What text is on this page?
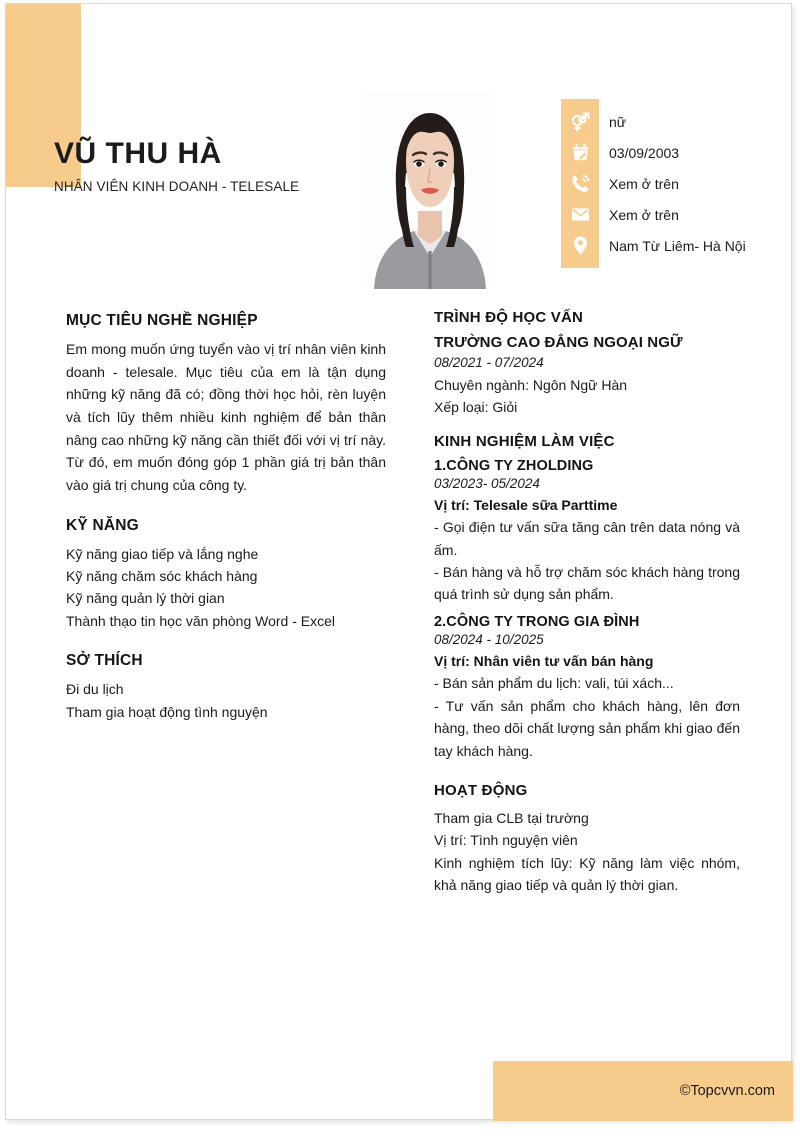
VŨ THU HÀ

NHÂN VIÊN KINH DOANH - TELESALE

nữ
03/09/2003
Xem ở trên
Xem ở trên
Nam Từ Liêm- Hà Nội
MỤC TIÊU NGHỀ NGHIỆP

Em mong muốn ứng tuyển vào vị trí nhân viên kinh doanh - telesale. Mục tiêu của em là tận dụng những kỹ năng đã có; đồng thời học hỏi, rèn luyện và tích lũy thêm nhiều kinh nghiệm để bản thân nâng cao những kỹ năng cần thiết đối với vị trí này. Từ đó, em muốn đóng góp 1 phần giá trị bản thân vào giá trị chung của công ty.

KỸ NĂNG

Kỹ năng giao tiếp và lắng nghe

Kỹ năng chăm sóc khách hàng

Kỹ năng quản lý thời gian

Thành thạo tin học văn phòng Word - Excel

SỞ THÍCH

Đi du lịch

Tham gia hoạt động tình nguyện

TRÌNH ĐỘ HỌC VẤN

TRƯỜNG CAO ĐẲNG NGOẠI NGỮ

08/2021 - 07/2024

Chuyên ngành: Ngôn Ngữ Hàn

Xếp loại: Giỏi

KINH NGHIỆM LÀM VIỆC

1.CÔNG TY ZHOLDING

03/2023- 05/2024

Vị trí: Telesale sữa Parttime

- Gọi điện tư vấn sữa tăng cân trên data nóng và ấm.

- Bán hàng và hỗ trợ chăm sóc khách hàng trong quá trình sử dụng sản phẩm.

2.CÔNG TY TRONG GIA ĐÌNH

08/2024 - 10/2025

Vị trí: Nhân viên tư vấn bán hàng

- Bán sản phẩm du lịch: vali, túi xách...

- Tư vấn sản phẩm cho khách hàng, lên đơn hàng, theo dõi chất lượng sản phẩm khi giao đến tay khách hàng.

HOẠT ĐỘNG

Tham gia CLB tại trường

Vị trí: Tình nguyện viên

Kinh nghiệm tích lũy: Kỹ năng làm việc nhóm, khả năng giao tiếp và quản lý thời gian.

©Topcvvn.com
